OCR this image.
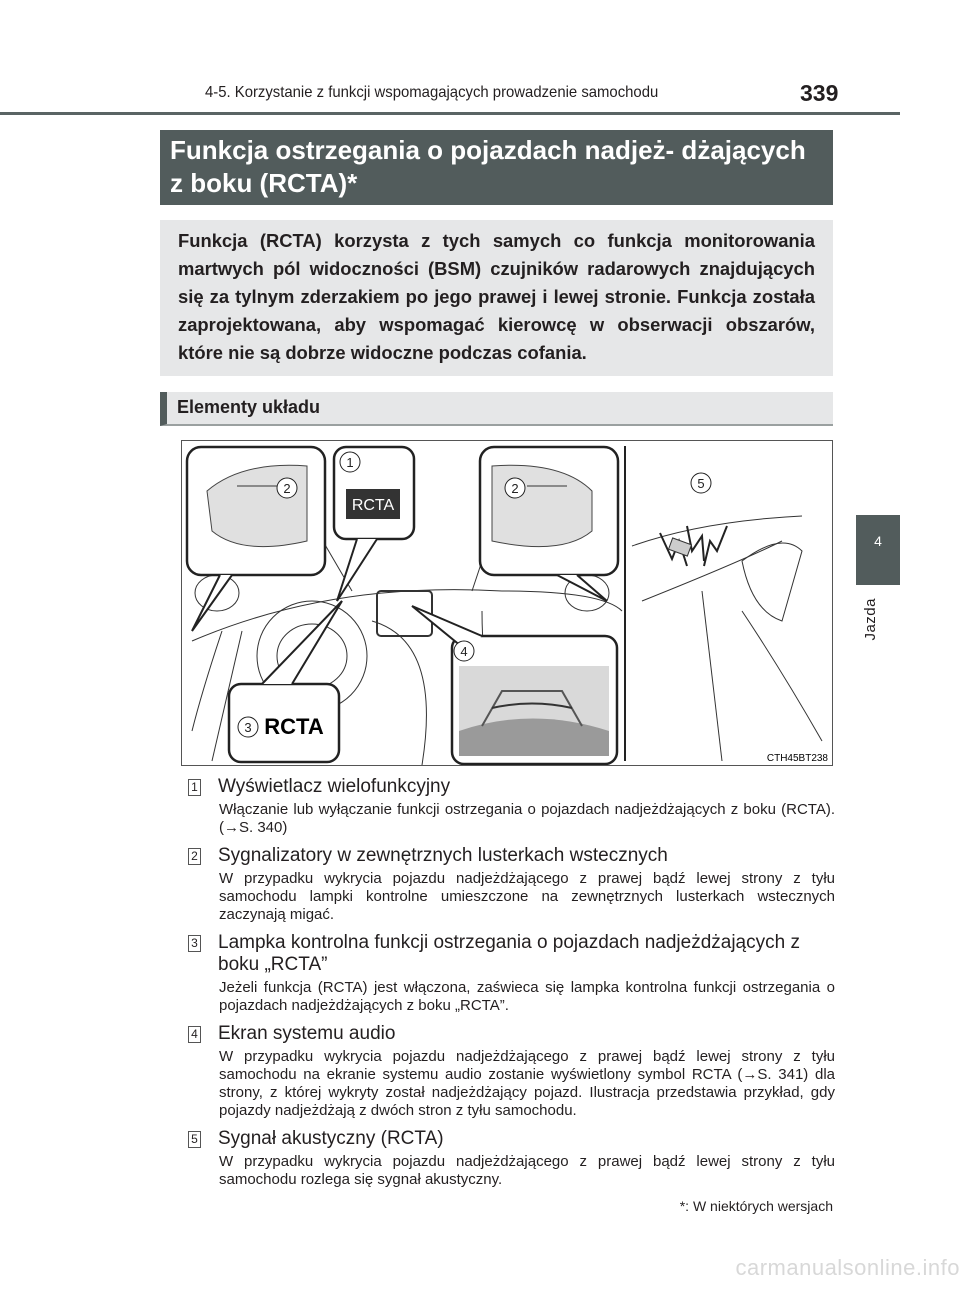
4-5. Korzystanie z funkcji wspomagających prowadzenie samochodu	339
4
Jazda
Funkcja ostrzegania o pojazdach nadjeż- dżających z boku (RCTA)*
Funkcja (RCTA) korzysta z tych samych co funkcja monitorowania martwych pól widoczności (BSM) czujników radarowych znajdujących się za tylnym zderzakiem po jego prawej i lewej stronie. Funkcja została zaprojektowana, aby wspomagać kierowcę w obserwacji obszarów, które nie są dobrze widoczne podczas cofania.
Elementy układu
RCTA
RCTA
2
1
2
3
4
5
CTH45BT238
1 Wyświetlacz wielofunkcyjny
Włączanie lub wyłączanie funkcji ostrzegania o pojazdach nadjeżdżających z boku (RCTA). (→S. 340)
2 Sygnalizatory w zewnętrznych lusterkach wstecznych
W przypadku wykrycia pojazdu nadjeżdżającego z prawej bądź lewej strony z tyłu samochodu lampki kontrolne umieszczone na zewnętrznych lusterkach wstecznych zaczynają migać.
3 Lampka kontrolna funkcji ostrzegania o pojazdach nadjeżdżających z boku „RCTA”
Jeżeli funkcja (RCTA) jest włączona, zaświeca się lampka kontrolna funkcji ostrzegania o pojazdach nadjeżdżających z boku „RCTA”.
4 Ekran systemu audio
W przypadku wykrycia pojazdu nadjeżdżającego z prawej bądź lewej strony z tyłu samochodu na ekranie systemu audio zostanie wyświetlony symbol RCTA (→S. 341) dla strony, z której wykryty został nadjeżdżający pojazd. Ilustracja przedstawia przykład, gdy pojazdy nadjeżdżają z dwóch stron z tyłu samochodu.
5 Sygnał akustyczny (RCTA)
W przypadku wykrycia pojazdu nadjeżdżającego z prawej bądź lewej strony z tyłu samochodu rozlega się sygnał akustyczny.
*: W niektórych wersjach
carmanualsonline.info
